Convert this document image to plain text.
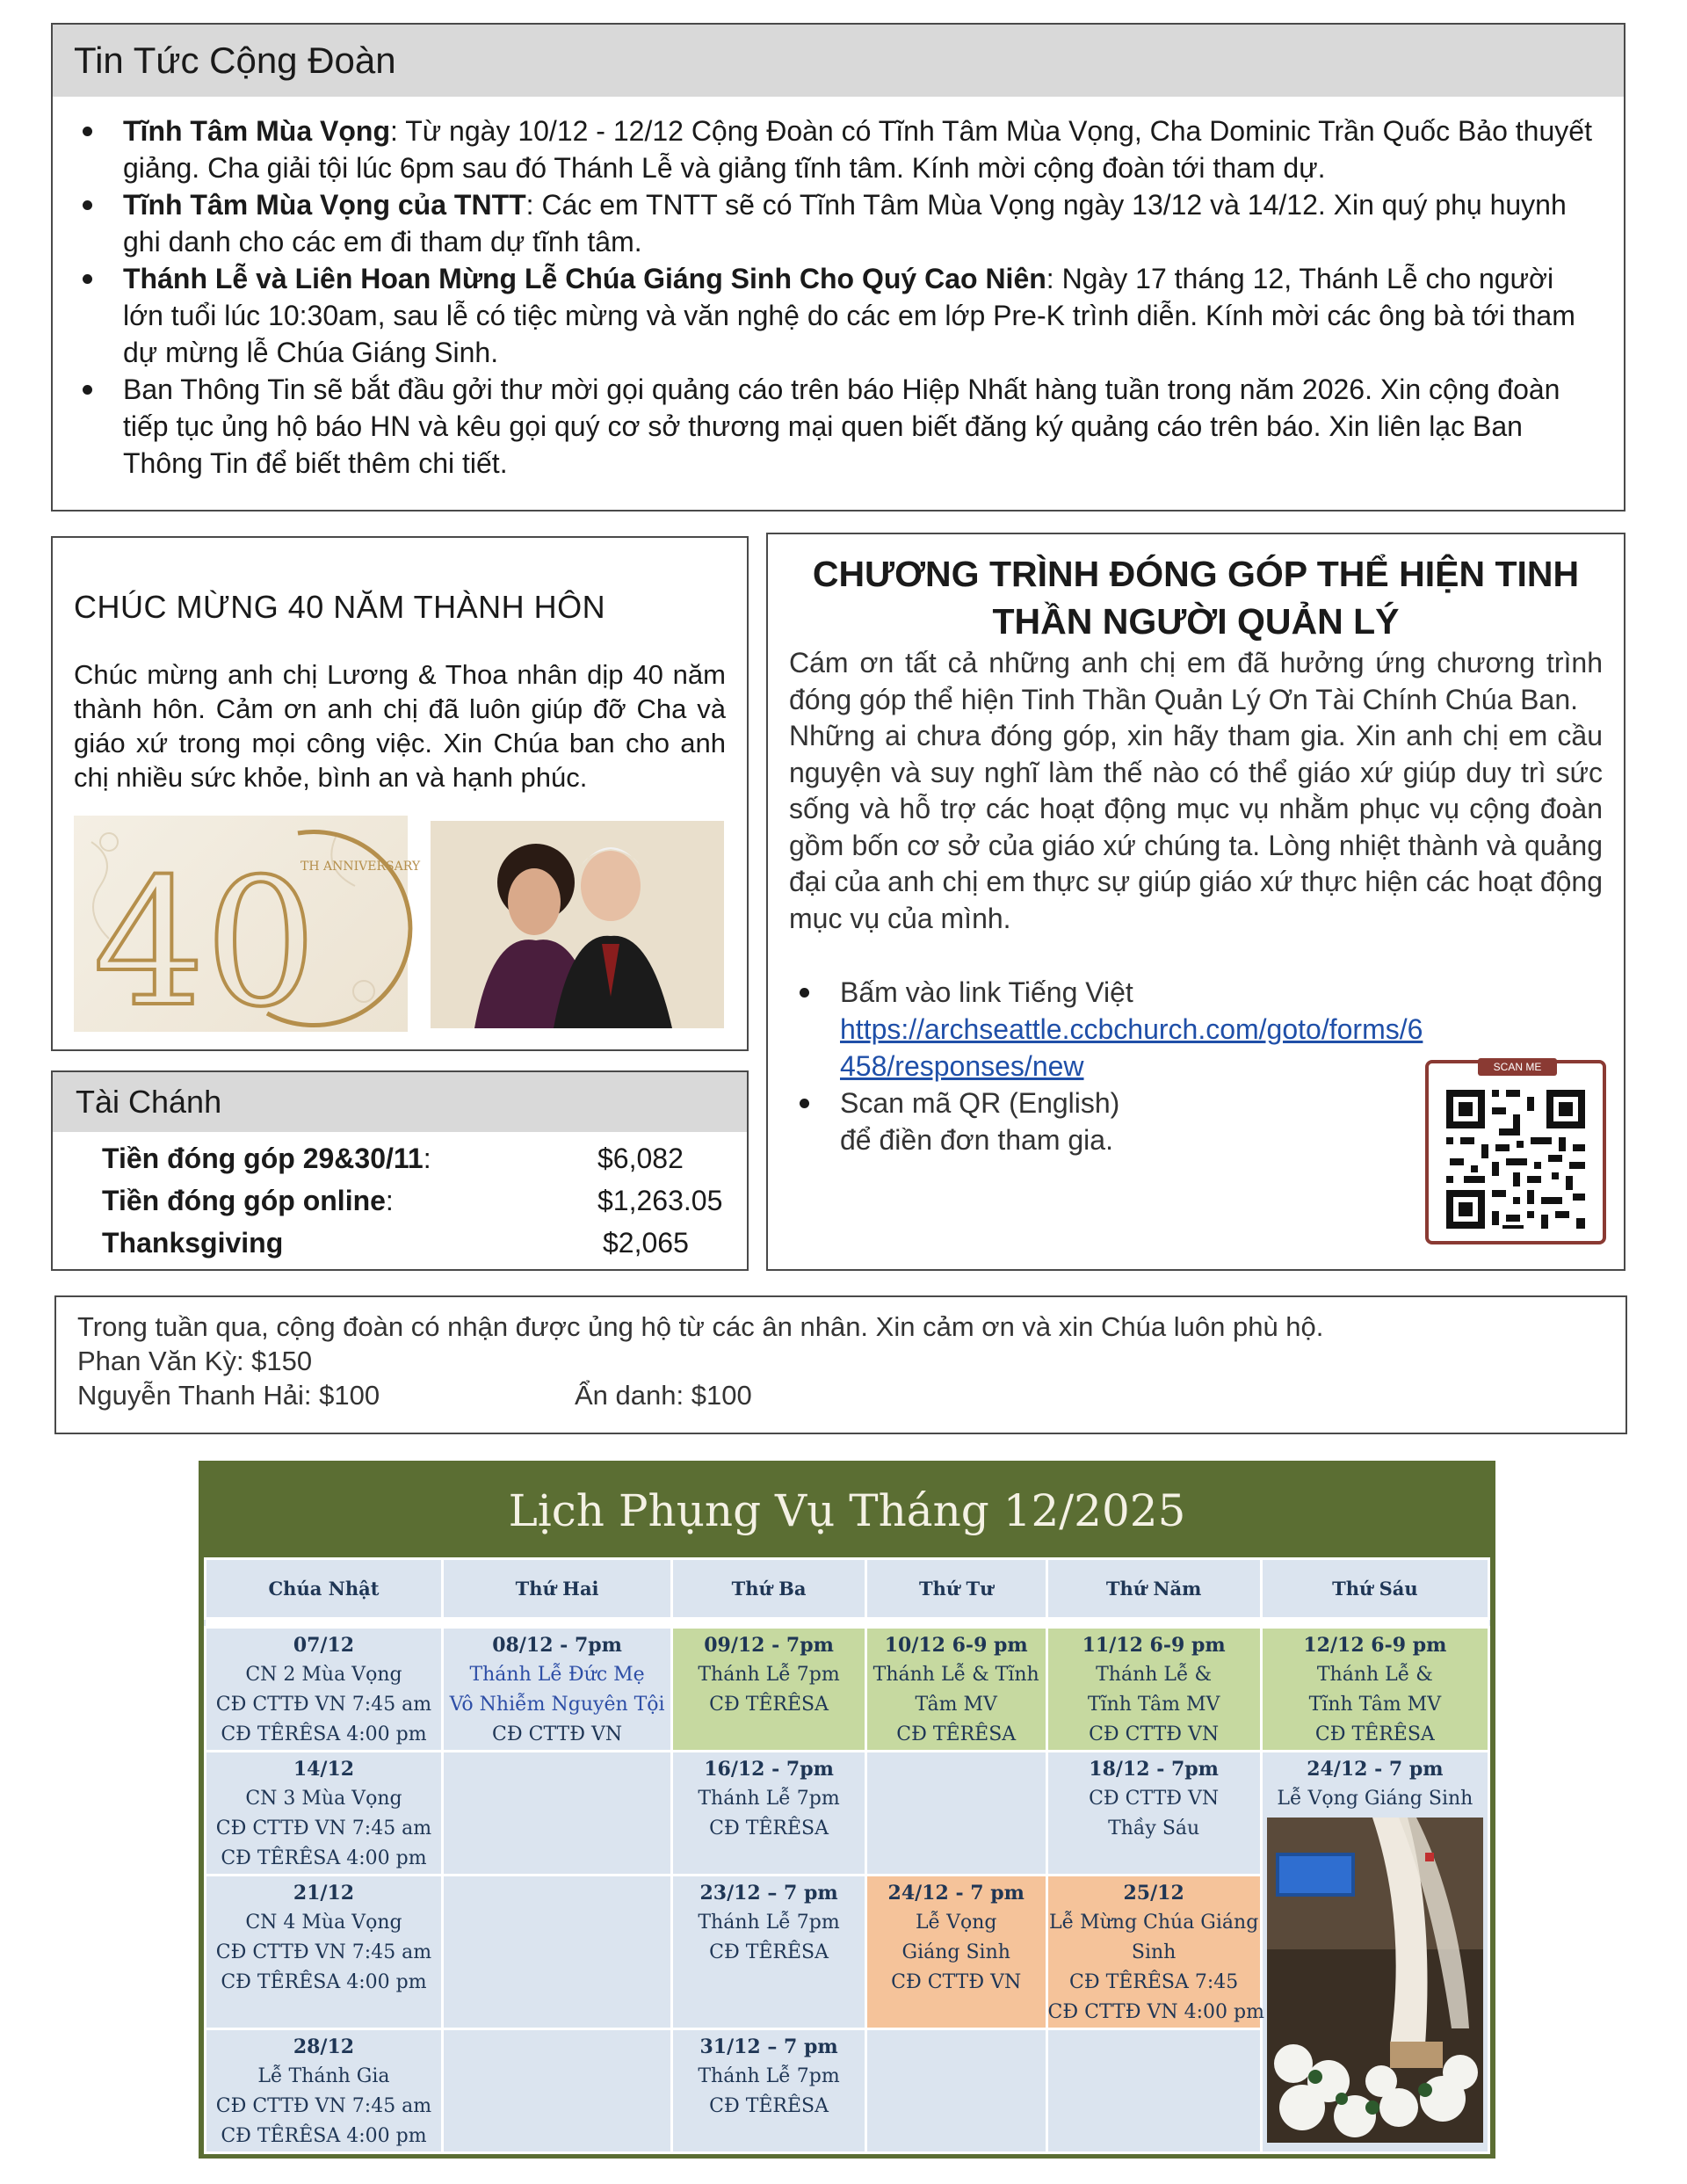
Tin Tức Cộng Đoàn
Tĩnh Tâm Mùa Vọng: Từ ngày 10/12 - 12/12 Cộng Đoàn có Tĩnh Tâm Mùa Vọng, Cha Dominic Trần Quốc Bảo thuyết giảng. Cha giải tội lúc 6pm sau đó Thánh Lễ và giảng tĩnh tâm. Kính mời cộng đoàn tới tham dự.
Tĩnh Tâm Mùa Vọng của TNTT: Các em TNTT sẽ có Tĩnh Tâm Mùa Vọng ngày 13/12 và 14/12. Xin quý phụ huynh ghi danh cho các em đi tham dự tĩnh tâm.
Thánh Lễ và Liên Hoan Mừng Lễ Chúa Giáng Sinh Cho Quý Cao Niên: Ngày 17 tháng 12, Thánh Lễ cho người lớn tuổi lúc 10:30am, sau lễ có tiệc mừng và văn nghệ do các em lớp Pre-K trình diễn. Kính mời các ông bà tới tham dự mừng lễ Chúa Giáng Sinh.
Ban Thông Tin sẽ bắt đầu gởi thư mời gọi quảng cáo trên báo Hiệp Nhất hàng tuần trong năm 2026. Xin cộng đoàn tiếp tục ủng hộ báo HN và kêu gọi quý cơ sở thương mại quen biết đăng ký quảng cáo trên báo. Xin liên lạc Ban Thông Tin để biết thêm chi tiết.
CHÚC MỪNG 40 NĂM THÀNH HÔN

Chúc mừng anh chị Lương & Thoa nhân dịp 40 năm thành hôn. Cảm ơn anh chị đã luôn giúp đỡ Cha và giáo xứ trong mọi công việc. Xin Chúa ban cho anh chị nhiều sức khỏe, bình an và hạnh phúc.

40
TH ANNIVERSARY
Tài Chánh
Tiền đóng góp 29&30/11:	$6,082
Tiền đóng góp online:	$1,263.05
Thanksgiving	$2,065
CHƯƠNG TRÌNH ĐÓNG GÓP THỂ HIỆN TINH THẦN NGƯỜI QUẢN LÝ

Cám ơn tất cả những anh chị em đã hưởng ứng chương trình đóng góp thể hiện Tinh Thần Quản Lý Ơn Tài Chính Chúa Ban.

Những ai chưa đóng góp, xin hãy tham gia. Xin anh chị em cầu nguyện và suy nghĩ làm thế nào có thể giáo xứ giúp duy trì sức sống và hỗ trợ các hoạt động mục vụ nhằm phục vụ cộng đoàn gồm bốn cơ sở của giáo xứ chúng ta. Lòng nhiệt thành và quảng đại của anh chị em thực sự giúp giáo xứ thực hiện các hoạt động mục vụ của mình.

Bấm vào link Tiếng Việt
https://archseattle.ccbchurch.com/goto/forms/6458/responses/new
Scan mã QR (English)
để điền đơn tham gia.
SCAN ME
Trong tuần qua, cộng đoàn có nhận được ủng hộ từ các ân nhân. Xin cảm ơn và xin Chúa luôn phù hộ.
Phan Văn Kỳ: $150
Nguyễn Thanh Hải: $100	Ẩn danh: $100
Lịch Phụng Vụ Tháng 12/2025
Chúa Nhật	Thứ Hai	Thứ Ba	Thứ Tư	Thứ Năm	Thứ Sáu

07/12
CN 2 Mùa Vọng
CĐ CTTĐ VN 7:45 am
CĐ TÊRÊSA 4:00 pm	08/12 - 7pm
Thánh Lễ Đức Mẹ
Vô Nhiễm Nguyên Tội
CĐ CTTĐ VN	09/12 - 7pm
Thánh Lễ 7pm
CĐ TÊRÊSA	10/12 6-9 pm
Thánh Lễ & Tĩnh
Tâm MV
CĐ TÊRÊSA	11/12 6-9 pm
Thánh Lễ &
Tĩnh Tâm MV
CĐ CTTĐ VN	12/12 6-9 pm
Thánh Lễ &
Tĩnh Tâm MV
CĐ TÊRÊSA

14/12
CN 3 Mùa Vọng
CĐ CTTĐ VN 7:45 am
CĐ TÊRÊSA 4:00 pm		16/12 - 7pm
Thánh Lễ 7pm
CĐ TÊRÊSA		18/12 - 7pm
CĐ CTTĐ VN
Thầy Sáu	24/12 - 7 pm
Lễ Vọng Giáng Sinh

21/12
CN 4 Mùa Vọng
CĐ CTTĐ VN 7:45 am
CĐ TÊRÊSA 4:00 pm		23/12 – 7 pm
Thánh Lễ 7pm
CĐ TÊRÊSA	24/12 - 7 pm
Lễ Vọng
Giáng Sinh
CĐ CTTĐ VN	25/12
Lễ Mừng Chúa Giáng
Sinh
CĐ TÊRÊSA 7:45
CĐ CTTĐ VN 4:00 pm	

28/12
Lễ Thánh Gia
CĐ CTTĐ VN 7:45 am
CĐ TÊRÊSA 4:00 pm		31/12 – 7 pm
Thánh Lễ 7pm
CĐ TÊRÊSA			
